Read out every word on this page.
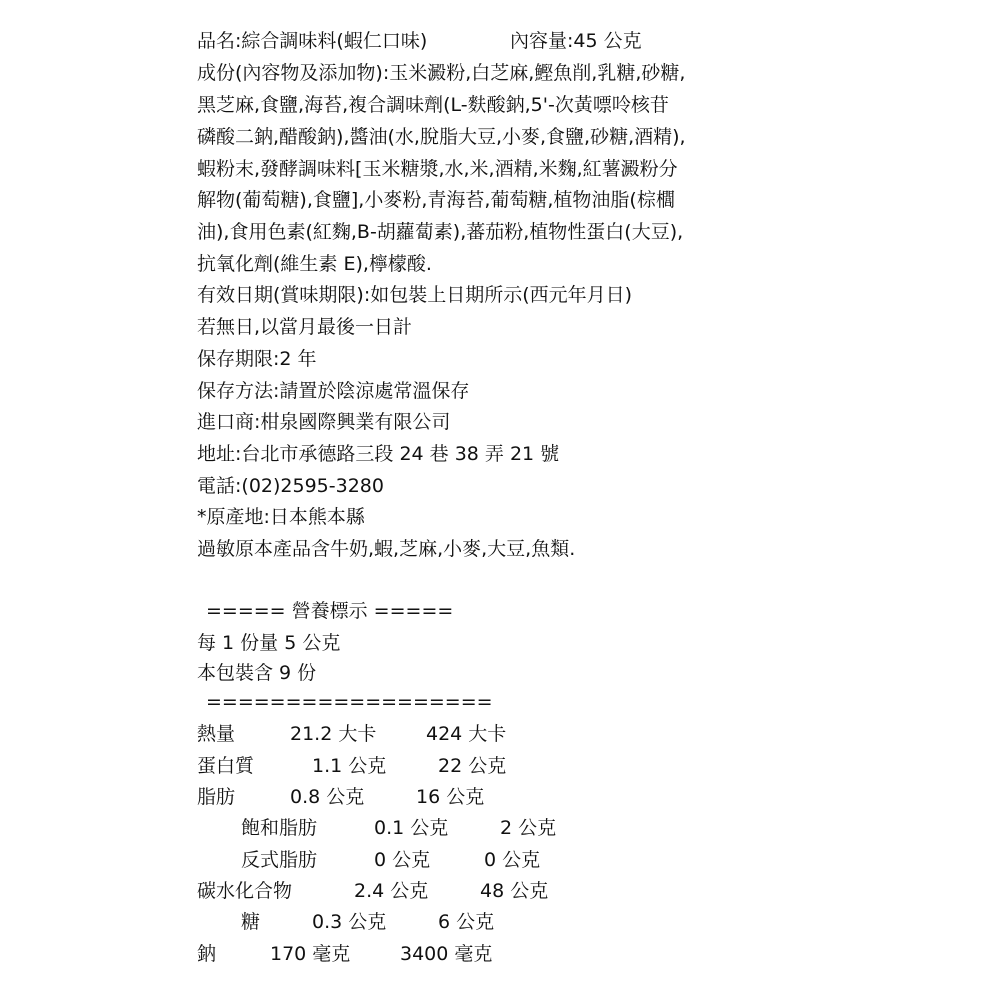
品名:綜合調味料(蝦仁口味)	內容量:45 公克
成份(內容物及添加物):玉米澱粉,白芝麻,鰹魚削,乳糖,砂糖,
黑芝麻,食鹽,海苔,複合調味劑(L-麩酸鈉,5'-次黃嘌呤核苷
磷酸二鈉,醋酸鈉),醬油(水,脫脂大豆,小麥,食鹽,砂糖,酒精),
蝦粉末,發酵調味料[玉米糖漿,水,米,酒精,米麴,紅薯澱粉分
解物(葡萄糖),食鹽],小麥粉,青海苔,葡萄糖,植物油脂(棕櫚
油),食用色素(紅麴,B-胡蘿蔔素),蕃茄粉,植物性蛋白(大豆),
抗氧化劑(維生素 E),檸檬酸.
有效日期(賞味期限):如包裝上日期所示(西元年月日)
若無日,以當月最後一日計
保存期限:2 年
保存方法:請置於陰涼處常溫保存
進口商:柑泉國際興業有限公司
地址:台北市承德路三段 24 巷 38 弄 21 號
電話:(02)2595-3280
*原產地:日本熊本縣
過敏原本產品含牛奶,蝦,芝麻,小麥,大豆,魚類.
===== 營養標示 =====
每 1 份量 5 公克
本包裝含 9 份
==================
熱量	21.2 大卡	424 大卡
蛋白質	1.1 公克	22 公克
脂肪	0.8 公克	16 公克
飽和脂肪	0.1 公克	2 公克
反式脂肪	0 公克	0 公克
碳水化合物	2.4 公克	48 公克
糖	0.3 公克	6 公克
鈉	170 毫克	3400 毫克
